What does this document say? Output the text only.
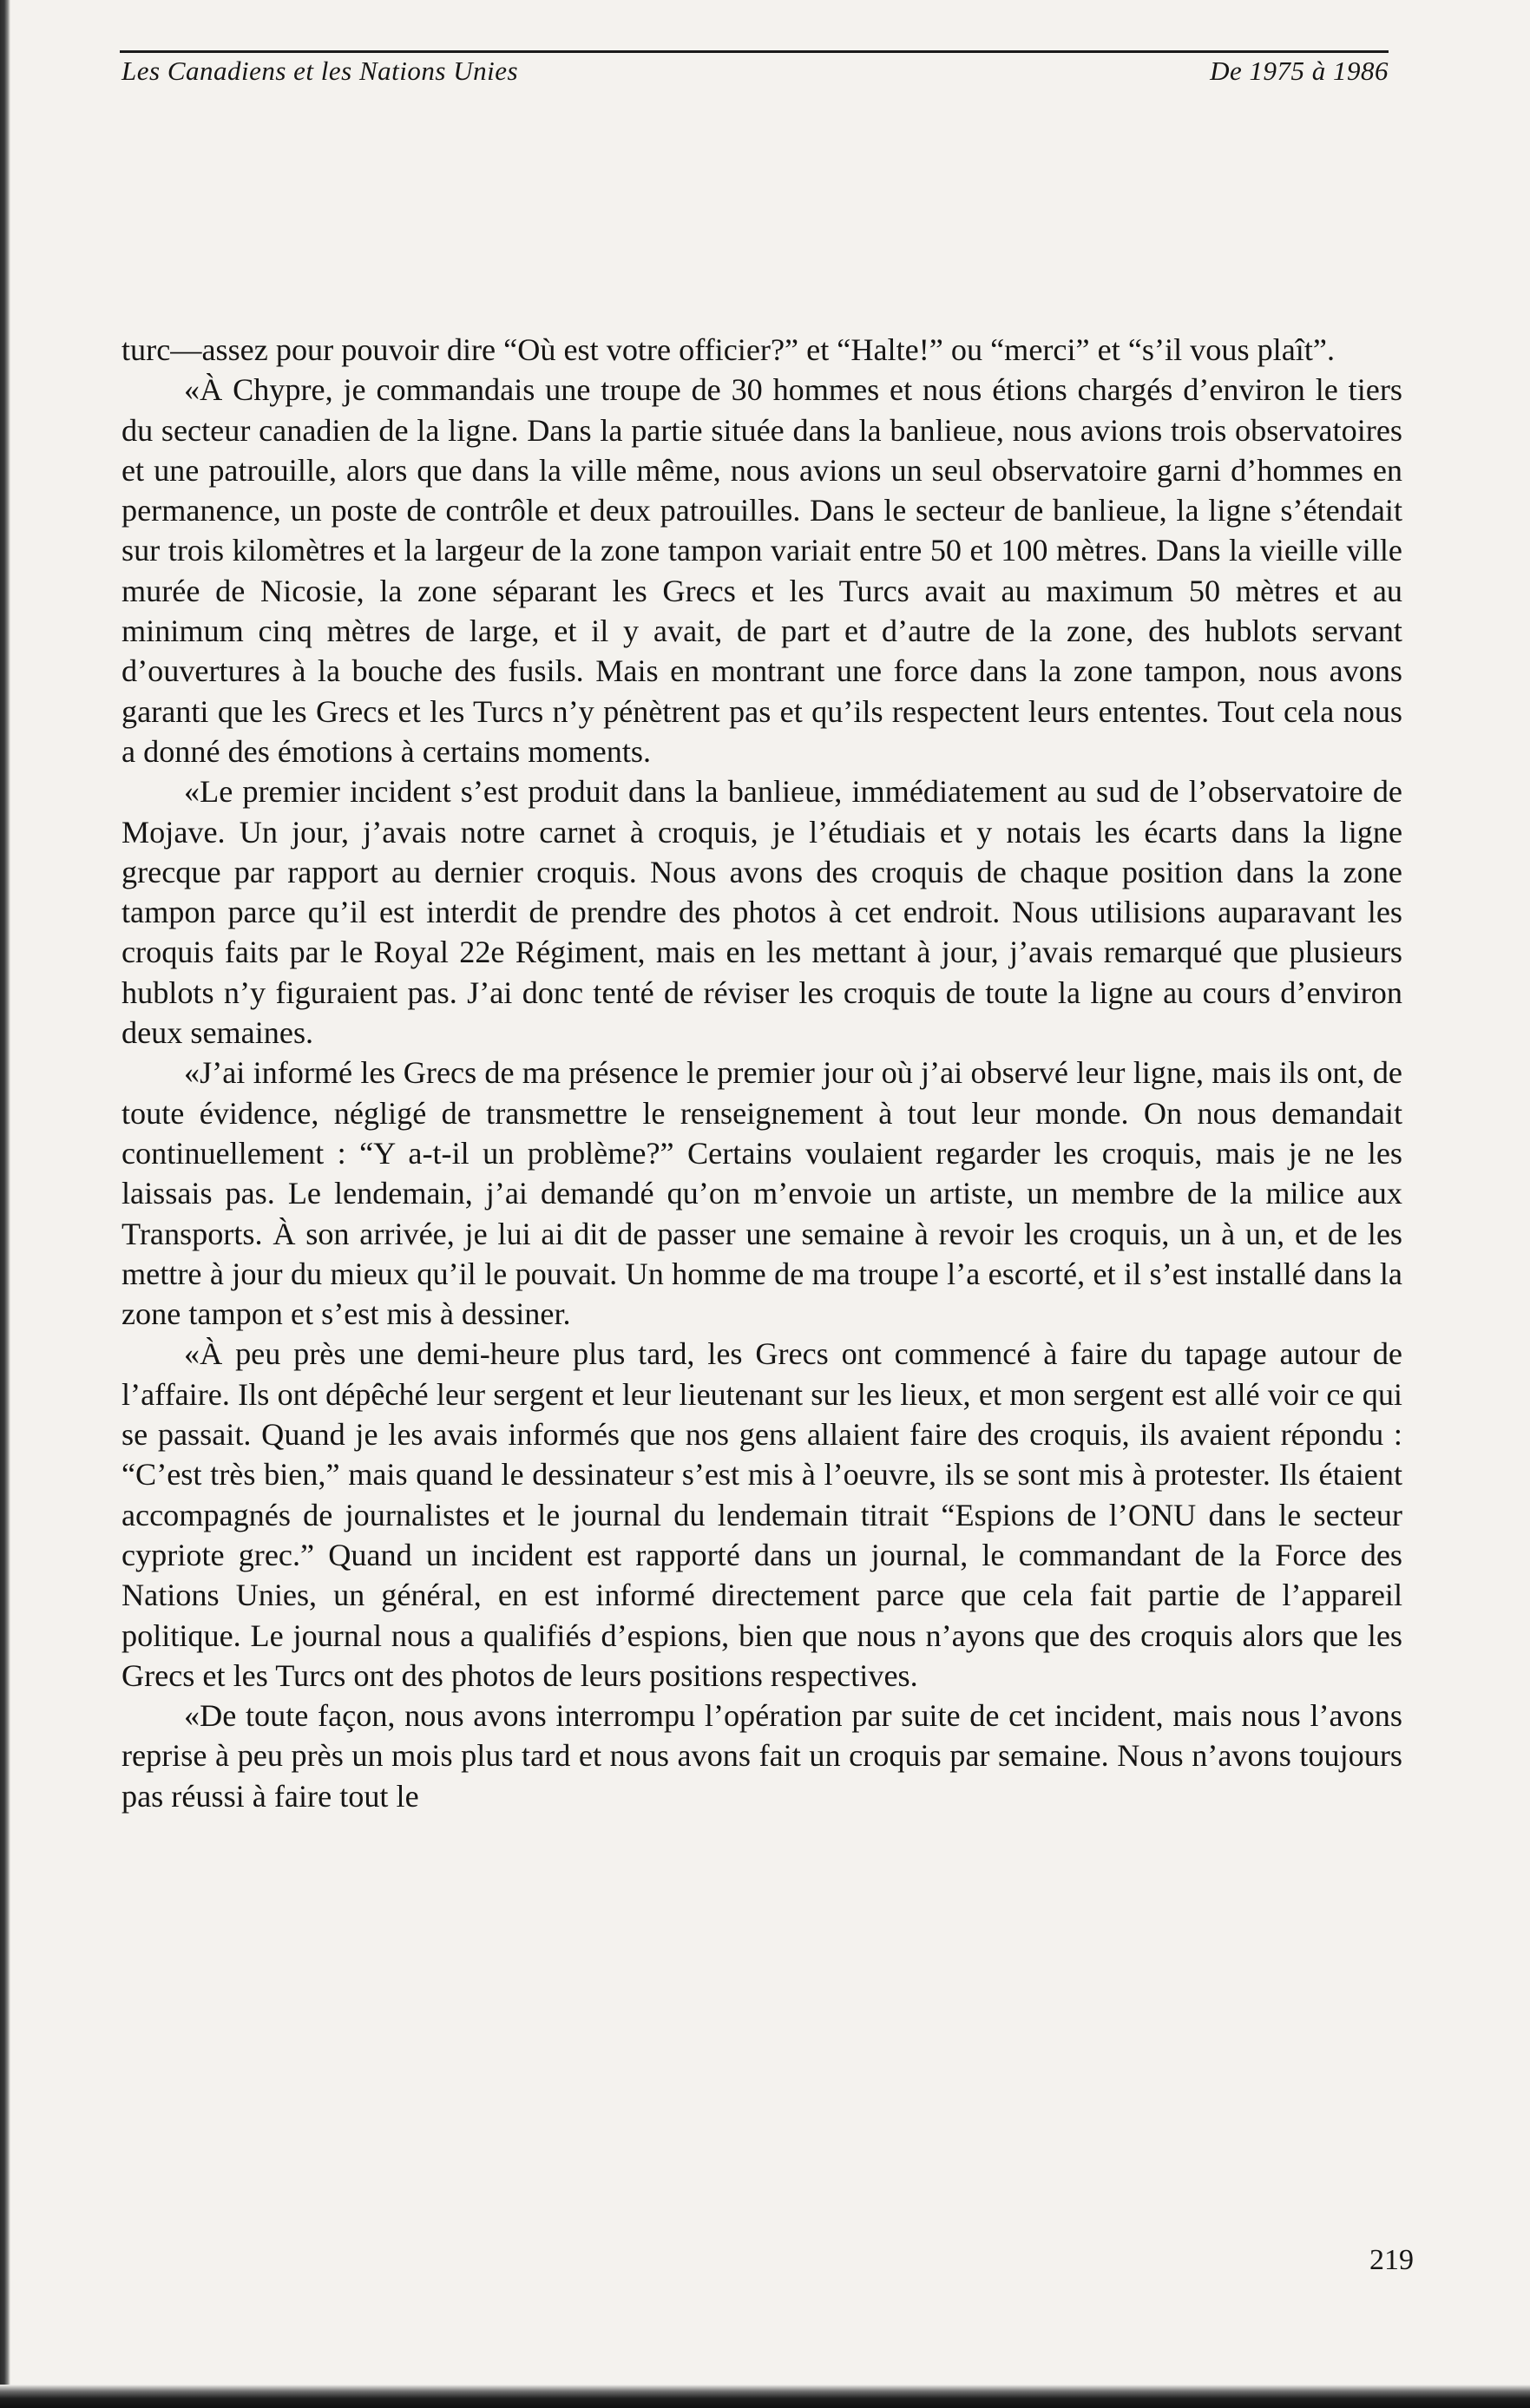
Les Canadiens et les Nations Unies	De 1975 à 1986

turc—assez pour pouvoir dire “Où est votre officier?” et “Halte!” ou “merci” et “s’il vous plaît”.

«À Chypre, je commandais une troupe de 30 hommes et nous étions chargés d’environ le tiers du secteur canadien de la ligne. Dans la partie située dans la banlieue, nous avions trois observatoires et une patrouille, alors que dans la ville même, nous avions un seul observatoire garni d’hommes en permanence, un poste de contrôle et deux patrouilles. Dans le secteur de banlieue, la ligne s’étendait sur trois kilomètres et la largeur de la zone tampon variait entre 50 et 100 mètres. Dans la vieille ville murée de Nicosie, la zone séparant les Grecs et les Turcs avait au maximum 50 mètres et au minimum cinq mètres de large, et il y avait, de part et d’autre de la zone, des hublots servant d’ouvertures à la bouche des fusils. Mais en montrant une force dans la zone tampon, nous avons garanti que les Grecs et les Turcs n’y pénètrent pas et qu’ils respectent leurs ententes. Tout cela nous a donné des émotions à certains moments.

«Le premier incident s’est produit dans la banlieue, immédiatement au sud de l’observatoire de Mojave. Un jour, j’avais notre carnet à croquis, je l’étudiais et y notais les écarts dans la ligne grecque par rapport au dernier croquis. Nous avons des croquis de chaque position dans la zone tampon parce qu’il est interdit de prendre des photos à cet endroit. Nous utilisions auparavant les croquis faits par le Royal 22e Régiment, mais en les mettant à jour, j’avais remarqué que plusieurs hublots n’y figuraient pas. J’ai donc tenté de réviser les croquis de toute la ligne au cours d’environ deux semaines.

«J’ai informé les Grecs de ma présence le premier jour où j’ai observé leur ligne, mais ils ont, de toute évidence, négligé de transmettre le renseignement à tout leur monde. On nous demandait continuellement : “Y a-t-il un problème?” Certains voulaient regarder les croquis, mais je ne les laissais pas. Le lendemain, j’ai demandé qu’on m’envoie un artiste, un membre de la milice aux Transports. À son arrivée, je lui ai dit de passer une semaine à revoir les croquis, un à un, et de les mettre à jour du mieux qu’il le pouvait. Un homme de ma troupe l’a escorté, et il s’est installé dans la zone tampon et s’est mis à dessiner.

«À peu près une demi-heure plus tard, les Grecs ont commencé à faire du tapage autour de l’affaire. Ils ont dépêché leur sergent et leur lieutenant sur les lieux, et mon sergent est allé voir ce qui se passait. Quand je les avais informés que nos gens allaient faire des croquis, ils avaient répondu : “C’est très bien,” mais quand le dessinateur s’est mis à l’oeuvre, ils se sont mis à protester. Ils étaient accompagnés de journalistes et le journal du lendemain titrait “Espions de l’ONU dans le secteur cypriote grec.” Quand un incident est rapporté dans un journal, le commandant de la Force des Nations Unies, un général, en est informé directement parce que cela fait partie de l’appareil politique. Le journal nous a qualifiés d’espions, bien que nous n’ayons que des croquis alors que les Grecs et les Turcs ont des photos de leurs positions respectives.

«De toute façon, nous avons interrompu l’opération par suite de cet incident, mais nous l’avons reprise à peu près un mois plus tard et nous avons fait un croquis par semaine. Nous n’avons toujours pas réussi à faire tout le

219
